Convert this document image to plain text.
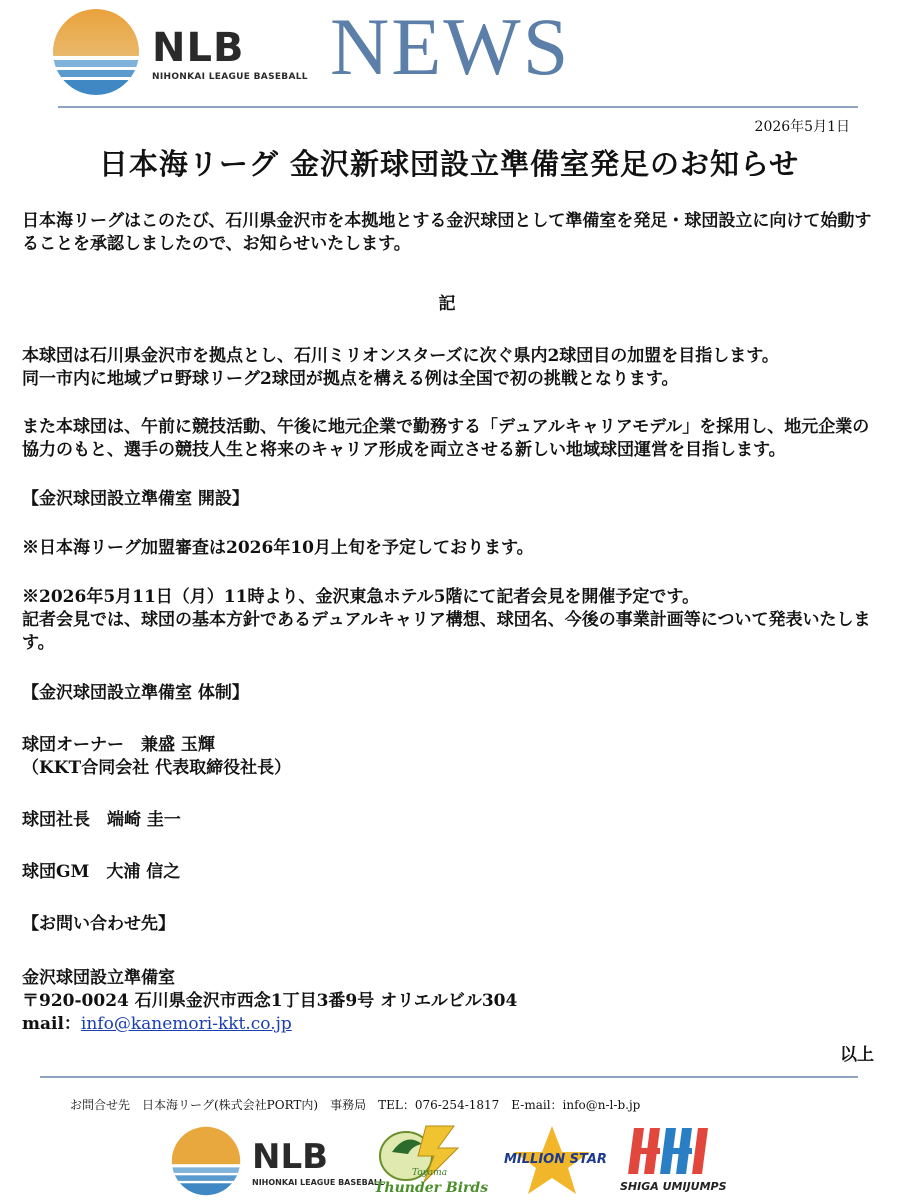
NLB
NIHONKAI LEAGUE BASEBALL NEWS
2026年5月1日
日本海リーグ 金沢新球団設立準備室発足のお知らせ

日本海リーグはこのたび、石川県金沢市を本拠地とする金沢球団として準備室を発足・球団設立に向けて始動することを承認しましたので、お知らせいたします。

記

本球団は石川県金沢市を拠点とし、石川ミリオンスターズに次ぐ県内2球団目の加盟を目指します。

同一市内に地域プロ野球リーグ2球団が拠点を構える例は全国で初の挑戦となります。

また本球団は、午前に競技活動、午後に地元企業で勤務する「デュアルキャリアモデル」を採用し、地元企業の協力のもと、選手の競技人生と将来のキャリア形成を両立させる新しい地域球団運営を目指します。

【金沢球団設立準備室 開設】

※日本海リーグ加盟審査は2026年10月上旬を予定しております。

※2026年5月11日（月）11時より、金沢東急ホテル5階にて記者会見を開催予定です。

記者会見では、球団の基本方針であるデュアルキャリア構想、球団名、今後の事業計画等について発表いたします。

【金沢球団設立準備室 体制】

球団オーナー　兼盛 玉輝

（KKT合同会社 代表取締役社長）

球団社長　端崎 圭一

球団GM　大浦 信之

【お問い合わせ先】

金沢球団設立準備室

〒920-0024 石川県金沢市西念1丁目3番9号 オリエルビル304

mail：info@kanemori-kkt.co.jp

以上
お問合せ先　日本海リーグ(株式会社PORT内)　事務局　TEL：076-254-1817　E-mail：info@n-l-b.jp
NLB
NIHONKAI LEAGUE BASEBALL
Toyama
Thunder Birds
MILLION STAR
SHIGA UMIJUMPS
